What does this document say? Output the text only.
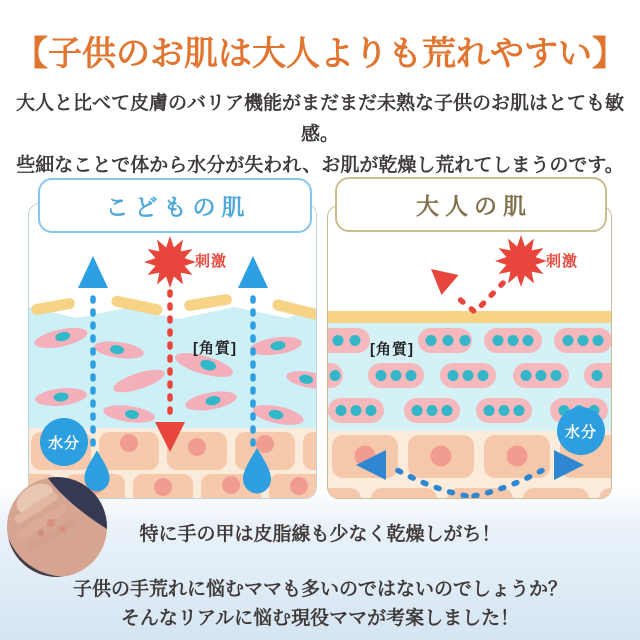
【子供のお肌は大人よりも荒れやすい】
大人と比べて皮膚のバリア機能がまだまだ未熟な子供のお肌はとても敏感。
些細なことで体から水分が失われ、お肌が乾燥し荒れてしまうのです。
刺激
[角質]
水分
こどもの肌
刺激
[角質]
水分
大人の肌
特に手の甲は皮脂線も少なく乾燥しがち！
子供の手荒れに悩むママも多いのではないのでしょうか？
そんなリアルに悩む現役ママが考案しました！
